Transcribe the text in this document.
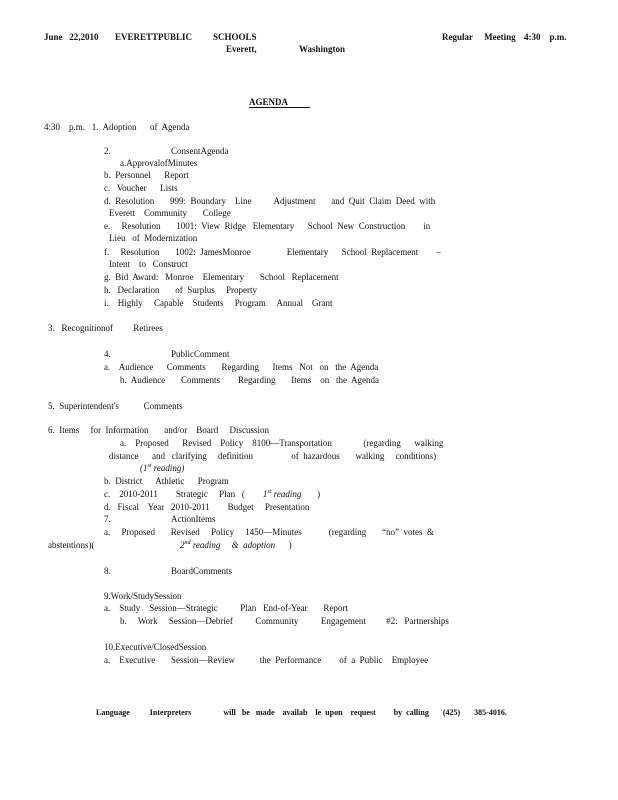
June   22,2010 EVERETTPUBLIC SCHOOLS	Regular     Meeting 4:30    p.m.
Everett,	Washington
AGENDA
4:30    p.m.   1.  Adoption      of  Agenda
2.	ConsentAgenda
a.ApprovalofMinutes
b.  Personnel      Report
c.   Voucher      Lists
d.  Resolution       999:  Boundary    Line          Adjustment       and  Quit  Claim  Deed  with
Everett    Community       College
e.     Resolution       1001:  View  Ridge   Elementary      School  New  Construction        in
Lieu   of  Modernization
f.     Resolution       1002:  JamesMonroe                Elementary      School  Replacement        –
Intent    to   Construct
g.  Bid  Award:   Monroe    Elementary       School   Replacement
h.   Declaration       of  Surplus     Property
i.    Highly     Capable    Students     Program     Annual    Grant
3.   Recognitionof         Retirees
4.	PublicComment
a.    Audience      Comments       Regarding      Items   Not   on   the  Agenda
b.  Audience       Comments        Regarding       Items    on   the  Agenda
5.  Superintendent's           Comments
6.  Items     for  Information       and/or    Board     Discussion
a.    Proposed      Revised    Policy    8100—Transportation              (regarding      walking
distance      and   clarifying     definition                 of  hazardous       walking     conditions)
(1st reading)
b.  District      Athletic      Program
c.    2010-2011        Strategic     Plan   ( 1st reading )
d.   Fiscal    Year   2010-2011        Budget     Presentation
7.	ActionItems
a.     Proposed       Revised     Policy     1450—Minutes            (regarding       “no”  votes  &
abstentions)(	2nd reading     &  adoption )
8.	BoardComments
9.Work/StudySession
a.    Study    Session—Strategic          Plan   End-of-Year       Report
b.     Work     Session—Debrief          Community          Engagement         #2:   Partnerships
10.Executive/ClosedSession
a.    Executive       Session—Review           the  Performance        of  a  Public    Employee
Language          Interpreters                will   be   made    availab    le  upon    request         by  calling       (425)       385-4016.
